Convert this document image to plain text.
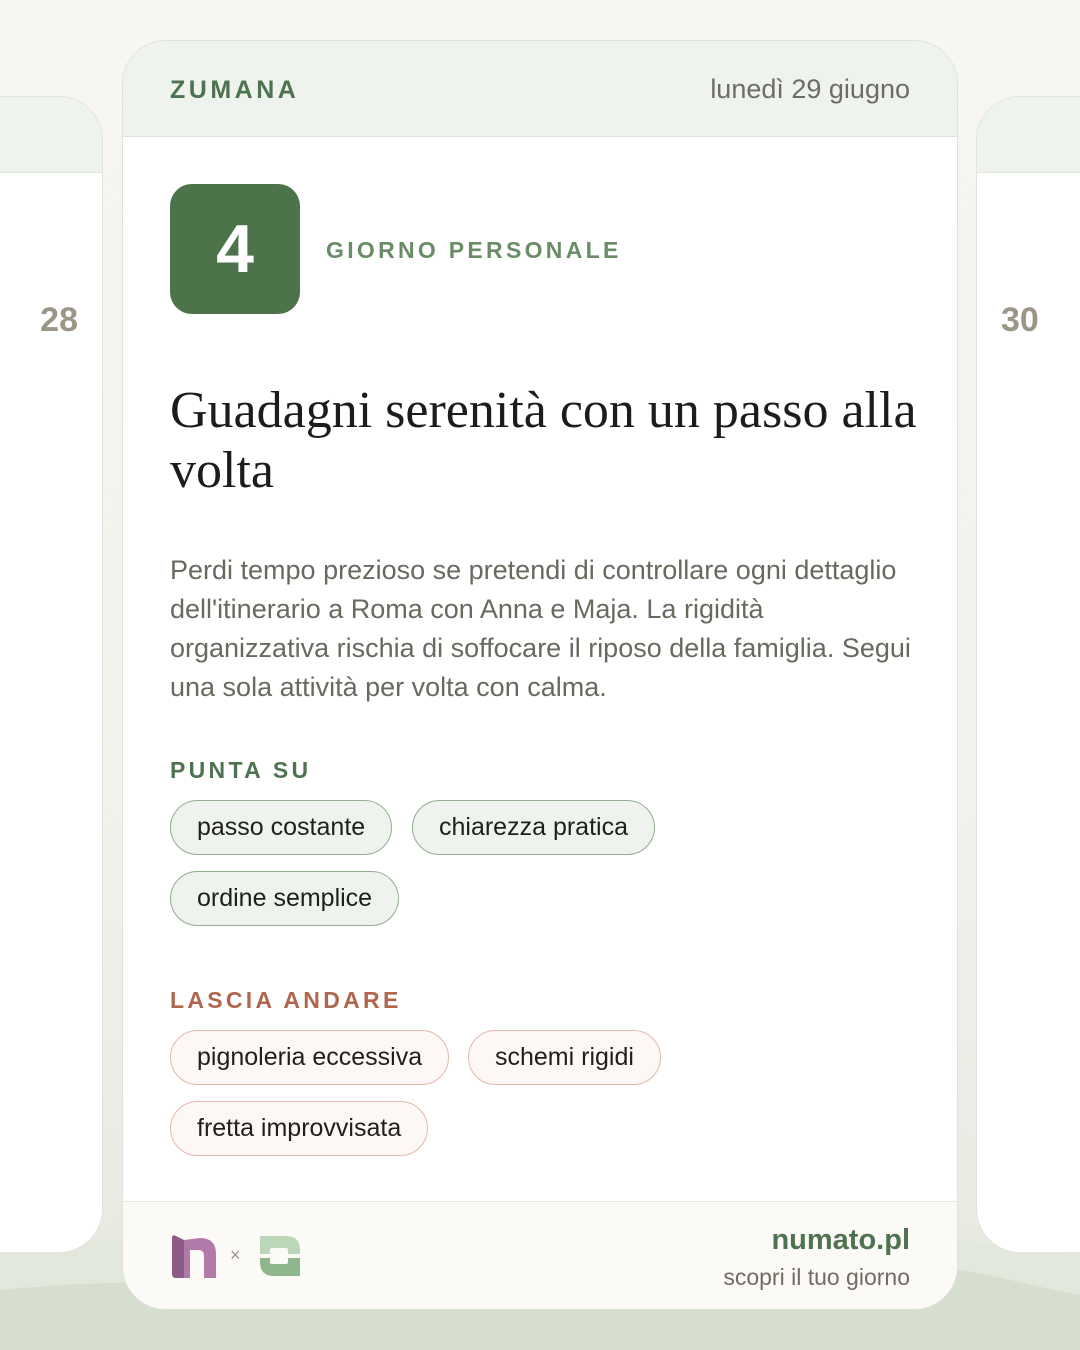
28	30
ZUMANA	lunedì 29 giugno
4	GIORNO PERSONALE
Guadagni serenità con un passo alla volta

Perdi tempo prezioso se pretendi di controllare ogni dettaglio dell'itinerario a Roma con Anna e Maja. La rigidità organizzativa rischia di soffocare il riposo della famiglia. Segui una sola attività per volta con calma.

PUNTA SU
passo costante	chiarezza pratica
ordine semplice
LASCIA ANDARE
pignoleria eccessiva	schemi rigidi
fretta improvvisata
×	numato.pl
scopri il tuo giorno
